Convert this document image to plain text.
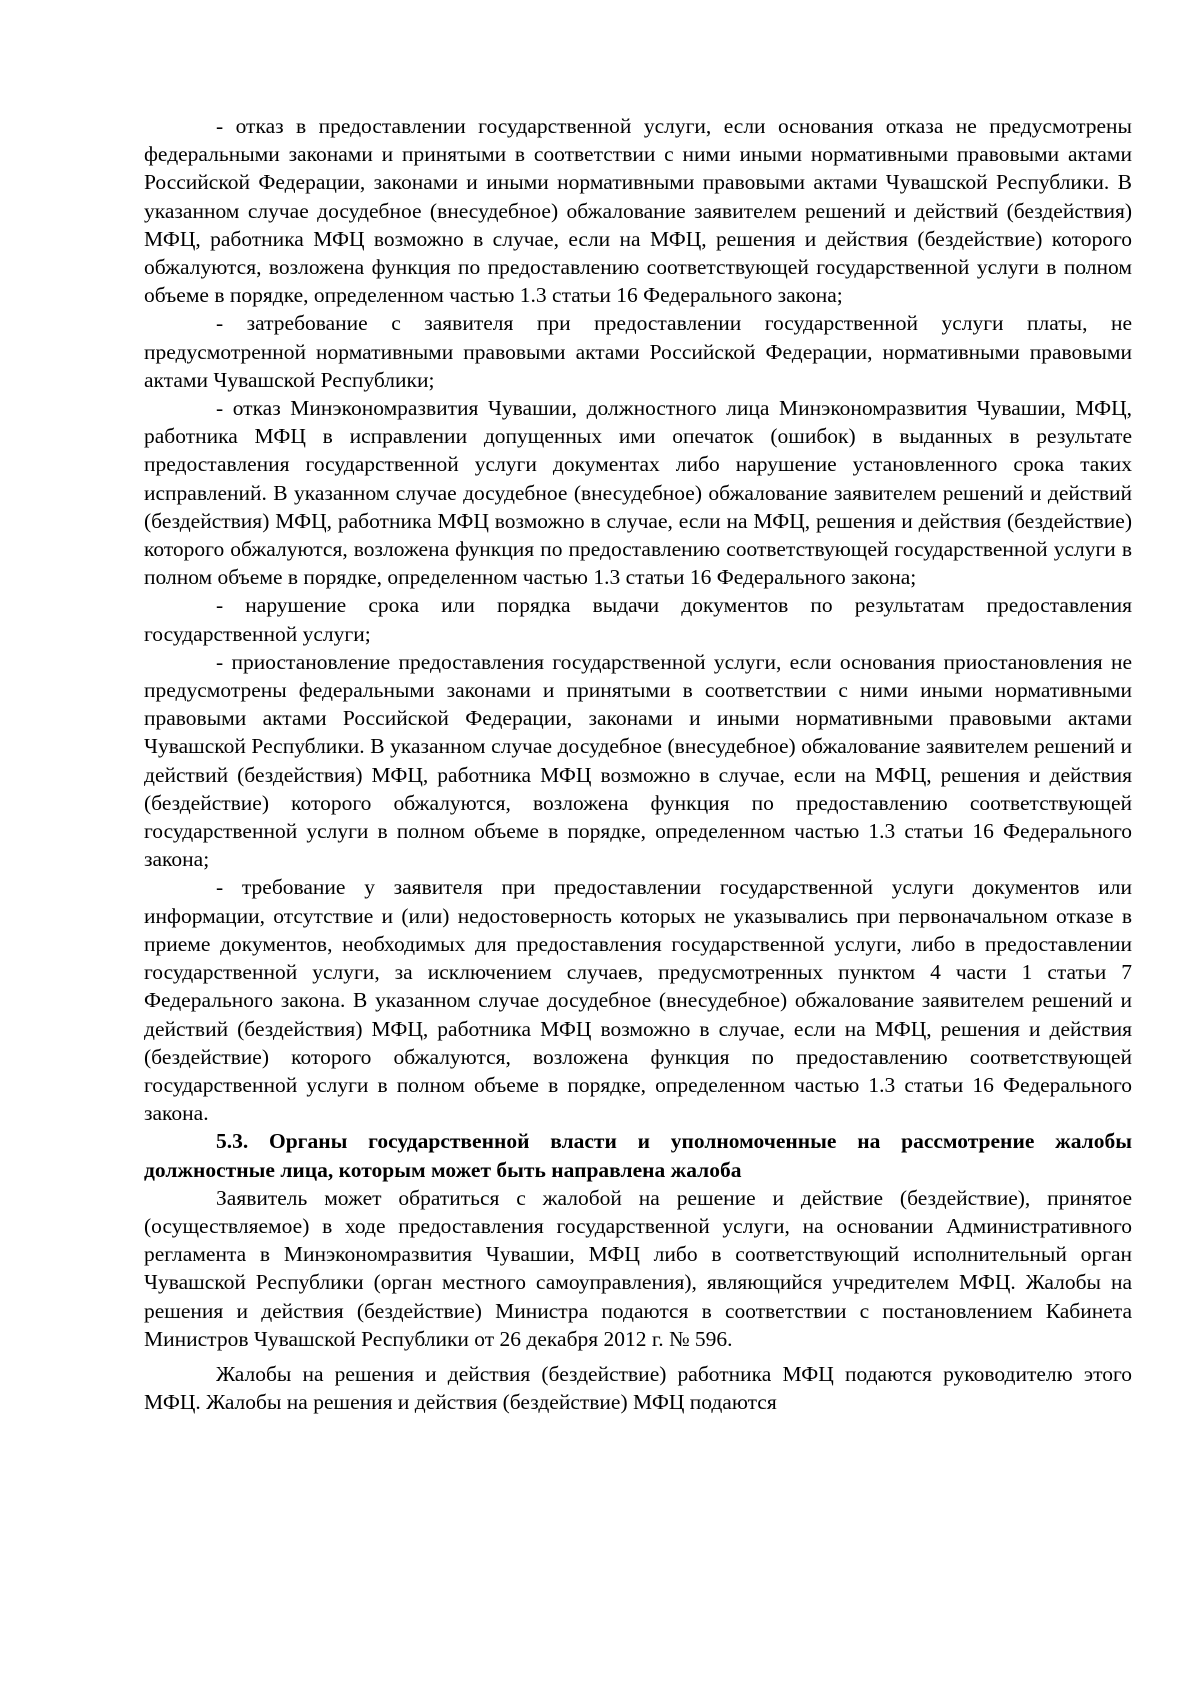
- отказ в предоставлении государственной услуги, если основания отказа не предусмотрены федеральными законами и принятыми в соответствии с ними иными нормативными правовыми актами Российской Федерации, законами и иными нормативными правовыми актами Чувашской Республики. В указанном случае досудебное (внесудебное) обжалование заявителем решений и действий (бездействия) МФЦ, работника МФЦ возможно в случае, если на МФЦ, решения и действия (бездействие) которого обжалуются, возложена функция по предоставлению соответствующей государственной услуги в полном объеме в порядке, определенном частью 1.3 статьи 16 Федерального закона;

- затребование с заявителя при предоставлении государственной услуги платы, не предусмотренной нормативными правовыми актами Российской Федерации, нормативными правовыми актами Чувашской Республики;

- отказ Минэкономразвития Чувашии, должностного лица Минэкономразвития Чувашии, МФЦ, работника МФЦ в исправлении допущенных ими опечаток (ошибок) в выданных в результате предоставления государственной услуги документах либо нарушение установленного срока таких исправлений. В указанном случае досудебное (внесудебное) обжалование заявителем решений и действий (бездействия) МФЦ, работника МФЦ возможно в случае, если на МФЦ, решения и действия (бездействие) которого обжалуются, возложена функция по предоставлению соответствующей государственной услуги в полном объеме в порядке, определенном частью 1.3 статьи 16 Федерального закона;

- нарушение срока или порядка выдачи документов по результатам предоставления государственной услуги;

- приостановление предоставления государственной услуги, если основания приостановления не предусмотрены федеральными законами и принятыми в соответствии с ними иными нормативными правовыми актами Российской Федерации, законами и иными нормативными правовыми актами Чувашской Республики. В указанном случае досудебное (внесудебное) обжалование заявителем решений и действий (бездействия) МФЦ, работника МФЦ возможно в случае, если на МФЦ, решения и действия (бездействие) которого обжалуются, возложена функция по предоставлению соответствующей государственной услуги в полном объеме в порядке, определенном частью 1.3 статьи 16 Федерального закона;

- требование у заявителя при предоставлении государственной услуги документов или информации, отсутствие и (или) недостоверность которых не указывались при первоначальном отказе в приеме документов, необходимых для предоставления государственной услуги, либо в предоставлении государственной услуги, за исключением случаев, предусмотренных пунктом 4 части 1 статьи 7 Федерального закона. В указанном случае досудебное (внесудебное) обжалование заявителем решений и действий (бездействия) МФЦ, работника МФЦ возможно в случае, если на МФЦ, решения и действия (бездействие) которого обжалуются, возложена функция по предоставлению соответствующей государственной услуги в полном объеме в порядке, определенном частью 1.3 статьи 16 Федерального закона.

5.3. Органы государственной власти и уполномоченные на рассмотрение жалобы должностные лица, которым может быть направлена жалоба

Заявитель может обратиться с жалобой на решение и действие (бездействие), принятое (осуществляемое) в ходе предоставления государственной услуги, на основании Административного регламента в Минэкономразвития Чувашии, МФЦ либо в соответствующий исполнительный орган Чувашской Республики (орган местного самоуправления), являющийся учредителем МФЦ. Жалобы на решения и действия (бездействие) Министра подаются в соответствии с постановлением Кабинета Министров Чувашской Республики от 26 декабря 2012 г. № 596.

Жалобы на решения и действия (бездействие) работника МФЦ подаются руководителю этого МФЦ. Жалобы на решения и действия (бездействие) МФЦ подаются
